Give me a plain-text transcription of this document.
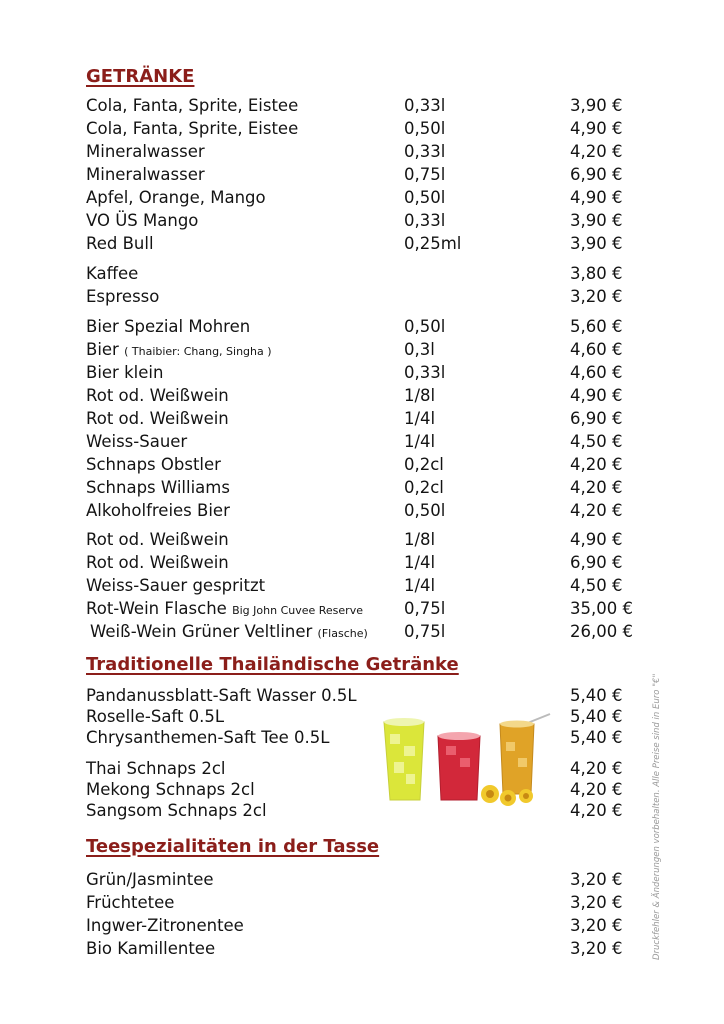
GETRÄNKE
Cola, Fanta, Sprite, Eistee	0,33l	3,90 €
Cola, Fanta, Sprite, Eistee	0,50l	4,90 €
Mineralwasser	0,33l	4,20 €
Mineralwasser	0,75l	6,90 €
Apfel, Orange, Mango	0,50l	4,90 €
VO ÜS Mango	0,33l	3,90 €
Red Bull	0,25ml	3,90 €
Kaffee	3,80 €
Espresso	3,20 €
Bier Spezial Mohren	0,50l	5,60 €
Bier ( Thaibier: Chang, Singha )	0,3l	4,60 €
Bier klein	0,33l	4,60 €
Rot od. Weißwein	1/8l	4,90 €
Rot od. Weißwein	1/4l	6,90 €
Weiss-Sauer	1/4l	4,50 €
Schnaps Obstler	0,2cl	4,20 €
Schnaps Williams	0,2cl	4,20 €
Alkoholfreies Bier	0,50l	4,20 €
Rot od. Weißwein	1/8l	4,90 €
Rot od. Weißwein	1/4l	6,90 €
Weiss-Sauer gespritzt	1/4l	4,50 €
Rot-Wein Flasche Big John Cuvee Reserve 0,75l	35,00 €
Weiß-Wein Grüner Veltliner (Flasche) 0,75l	26,00 €
Traditionelle Thailändische Getränke
Pandanussblatt-Saft Wasser 0.5L	5,40 €
Roselle-Saft 0.5L	5,40 €
Chrysanthemen-Saft Tee 0.5L	5,40 €
Thai Schnaps 2cl	4,20 €
Mekong Schnaps 2cl	4,20 €
Sangsom Schnaps 2cl	4,20 €
Teespezialitäten in der Tasse
Grün/Jasmintee	3,20 €
Früchtetee	3,20 €
Ingwer-Zitronentee	3,20 €
Bio Kamillentee	3,20 €	Druckfehler & Änderungen vorbehalten. Alle Preise sind in Euro "€"
